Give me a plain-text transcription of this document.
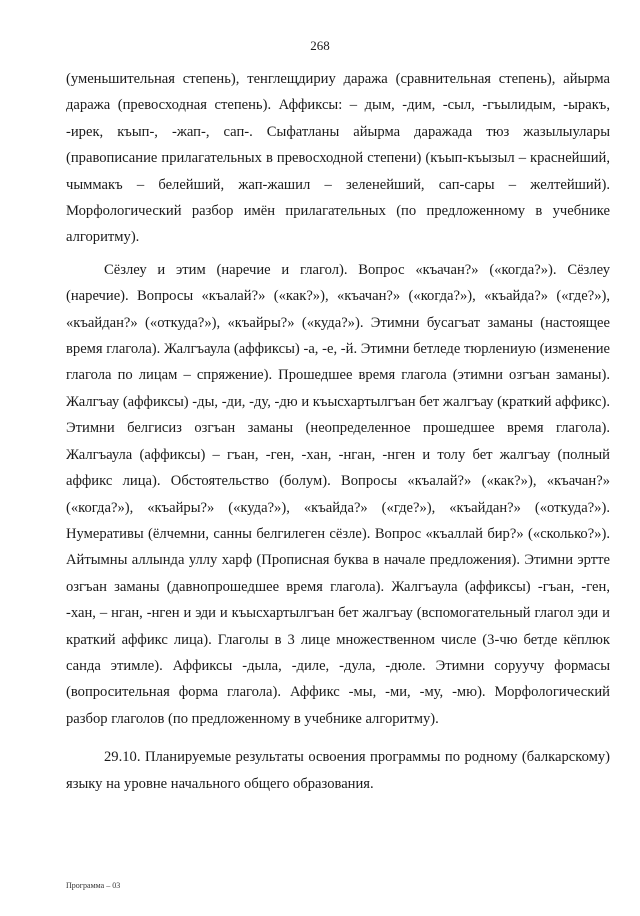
268

(уменьшительная степень), тенглещдириу даража (сравнительная степень), айырма даража (превосходная степень). Аффиксы: – дым, -дим, -сыл, -гъылидым, -ыракъ, -ирек, къып-, -жап-, сап-. Сыфатланы айырма даражада тюз жазылыулары (правописание прилагательных в превосходной степени) (къып-къызыл – краснейший, чыммакъ – белейший, жап-жашил – зеленейший, сап-сары – желтейший). Морфологический разбор имён прилагательных (по предложенному в учебнике алгоритму).

Сёзлеу и этим (наречие и глагол). Вопрос «къачан?» («когда?»). Сёзлеу (наречие). Вопросы «къалай?» («как?»), «къачан?» («когда?»), «къайда?» («где?»), «къайдан?» («откуда?»), «къайры?» («куда?»). Этимни бусагъат заманы (настоящее время глагола). Жалгъаула (аффиксы) -а, -е, -й. Этимни бетледе тюрлениую (изменение глагола по лицам – спряжение). Прошедшее время глагола (этимни озгъан заманы). Жалгъау (аффиксы) -ды, -ди, -ду, -дю и къысхартылгъан бет жалгъау (краткий аффикс). Этимни белгисиз озгъан заманы (неопределенное прошедшее время глагола). Жалгъаула (аффиксы) – гъан, -ген, -хан, -нган, -нген и толу бет жалгъау (полный аффикс лица). Обстоятельство (болум). Вопросы «къалай?» («как?»), «къачан?» («когда?»), «къайры?» («куда?»), «къайда?» («где?»), «къайдан?» («откуда?»). Нумеративы (ёлчемни, санны белгилеген сёзле). Вопрос «къаллай бир?» («сколько?»). Айтымны аллында уллу харф (Прописная буква в начале предложения). Этимни эртте озгъан заманы (давнопрошедшее время глагола). Жалгъаула (аффиксы) -гъан, -ген, -хан, – нган, -нген и эди и къысхартылгъан бет жалгъау (вспомогательный глагол эди и краткий аффикс лица). Глаголы в 3 лице множественном числе (3-чю бетде кёплюк санда этимле). Аффиксы -дыла, -диле, -дула, -дюле. Этимни соруучу формасы (вопросительная форма глагола). Аффикс -мы, -ми, -му, -мю). Морфологический разбор глаголов (по предложенному в учебнике алгоритму).

29.10. Планируемые результаты освоения программы по родному (балкарскому) языку на уровне начального общего образования.

Программа – 03
